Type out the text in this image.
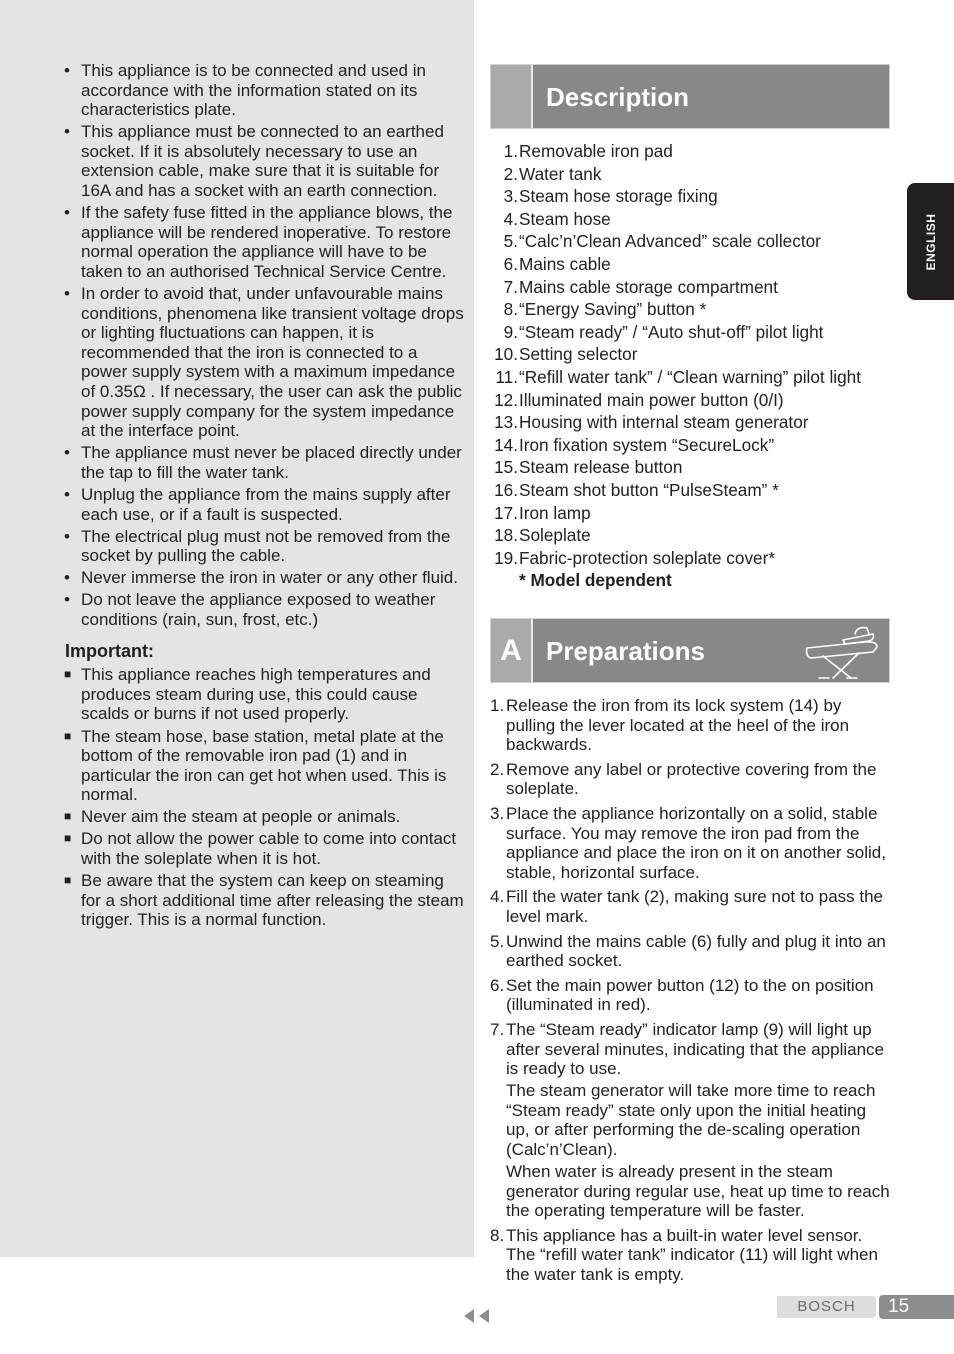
• This appliance is to be connected and used in accordance with the information stated on its characteristics plate.
• This appliance must be connected to an earthed socket. If it is absolutely necessary to use an extension cable, make sure that it is suitable for 16A and has a socket with an earth connection.
• If the safety fuse fitted in the appliance blows, the appliance will be rendered inoperative. To restore normal operation the appliance will have to be taken to an authorised Technical Service Centre.
• In order to avoid that, under unfavourable mains conditions, phenomena like transient voltage drops or lighting fluctuations can happen, it is recommended that the iron is connected to a power supply system with a maximum impedance of 0.35Ω . If necessary, the user can ask the public power supply company for the system impedance at the interface point.
• The appliance must never be placed directly under the tap to fill the water tank.
• Unplug the appliance from the mains supply after each use, or if a fault is suspected.
• The electrical plug must not be removed from the socket by pulling the cable.
• Never immerse the iron in water or any other fluid.
• Do not leave the appliance exposed to weather conditions (rain, sun, frost, etc.)
Important:
■ This appliance reaches high temperatures and produces steam during use, this could cause scalds or burns if not used properly.
■ The steam hose, base station, metal plate at the bottom of the removable iron pad (1) and in particular the iron can get hot when used. This is normal.
■ Never aim the steam at people or animals.
■ Do not allow the power cable to come into contact with the soleplate when it is hot.
■ Be aware that the system can keep on steaming for a short additional time after releasing the steam trigger. This is a normal function.
Description
1. Removable iron pad
2. Water tank
3. Steam hose storage fixing
4. Steam hose
5. “Calc’n’Clean Advanced” scale collector
6. Mains cable
7. Mains cable storage compartment
8. “Energy Saving” button *
9. “Steam ready” / “Auto shut-off” pilot light
10. Setting selector
11. “Refill water tank” / “Clean warning” pilot light
12. Illuminated main power button (0/I)
13. Housing with internal steam generator
14. Iron fixation system “SecureLock”
15. Steam release button
16. Steam shot button “PulseSteam” *
17. Iron lamp
18. Soleplate
19. Fabric-protection soleplate cover*
* Model dependent
A Preparations
1. Release the iron from its lock system (14) by pulling the lever located at the heel of the iron backwards.

2. Remove any label or protective covering from the soleplate.

3. Place the appliance horizontally on a solid, stable surface. You may remove the iron pad from the appliance and place the iron on it on another solid, stable, horizontal surface.

4. Fill the water tank (2), making sure not to pass the level mark.

5. Unwind the mains cable (6) fully and plug it into an earthed socket.

6. Set the main power button (12) to the on position (illuminated in red).

7. The “Steam ready” indicator lamp (9) will light up after several minutes, indicating that the appliance is ready to use.

The steam generator will take more time to reach “Steam ready” state only upon the initial heating up, or after performing the de-scaling operation (Calc’n’Clean).

When water is already present in the steam generator during regular use, heat up time to reach the operating temperature will be faster.

8. This appliance has a built-in water level sensor. The “refill water tank” indicator (11) will light when the water tank is empty.

ENGLISH
BOSCH	15
